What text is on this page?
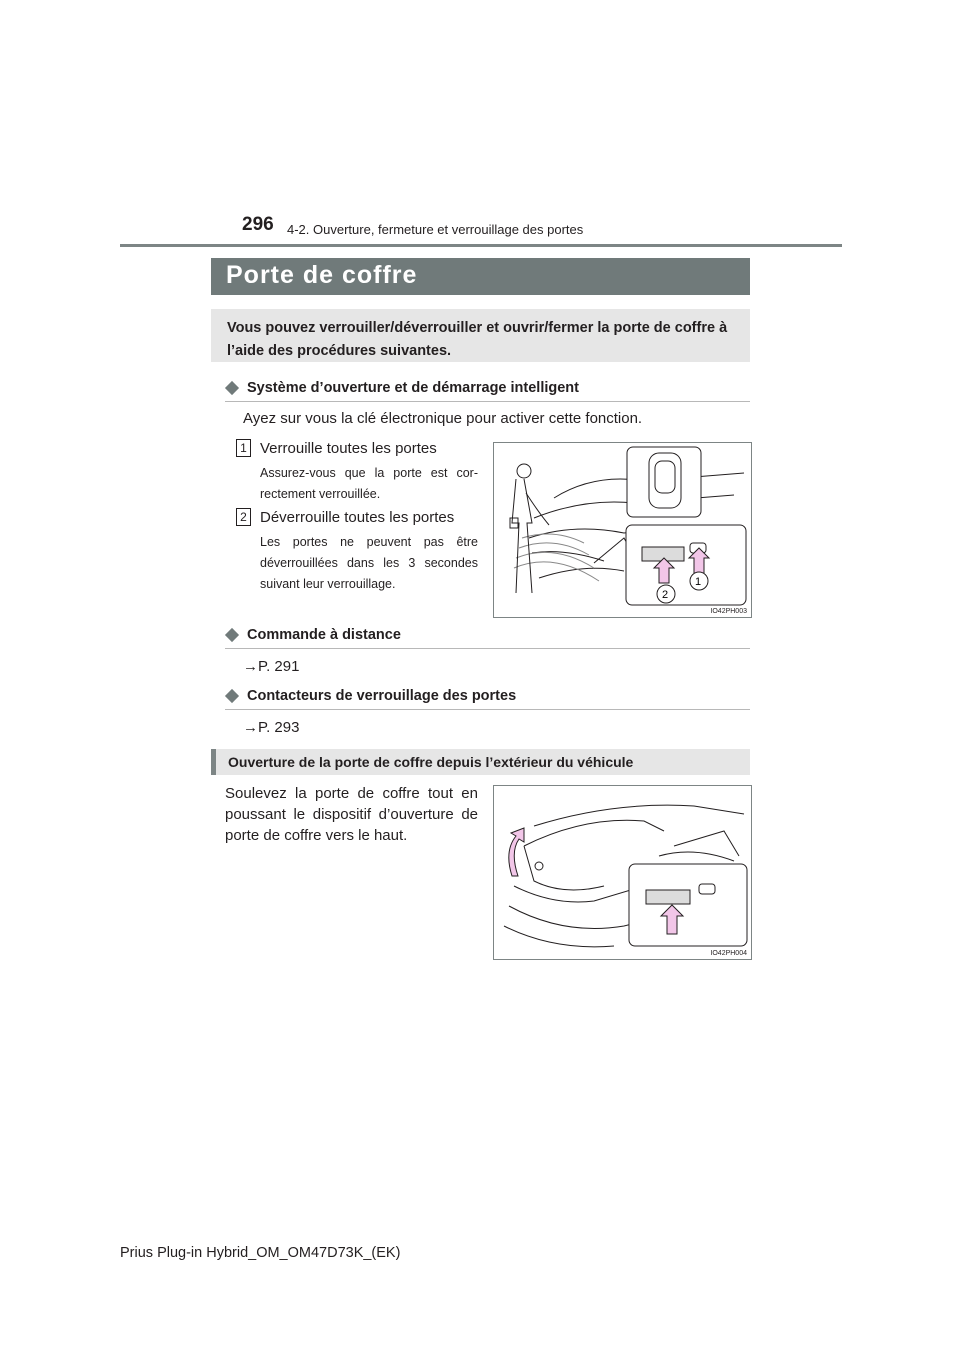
296 4-2. Ouverture, fermeture et verrouillage des portes
Porte de coffre
Vous pouvez verrouiller/déverrouiller et ouvrir/fermer la porte de coffre à l’aide des procédures suivantes.
Système d’ouverture et de démarrage intelligent
Ayez sur vous la clé électronique pour activer cette fonction.
1 Verrouille toutes les portes
Assurez-vous que la porte est cor-rectement verrouillée.
2 Déverrouille toutes les portes
Les portes ne peuvent pas être déverrouillées dans les 3 secondes suivant leur verrouillage.	1
2
IO42PH003
Commande à distance
→P. 291
Contacteurs de verrouillage des portes
→P. 293
Ouverture de la porte de coffre depuis l’extérieur du véhicule
Soulevez la porte de coffre tout en
poussant le dispositif d’ouverture de
porte de coffre vers le haut.
IO42PH004
Prius Plug-in Hybrid_OM_OM47D73K_(EK)
